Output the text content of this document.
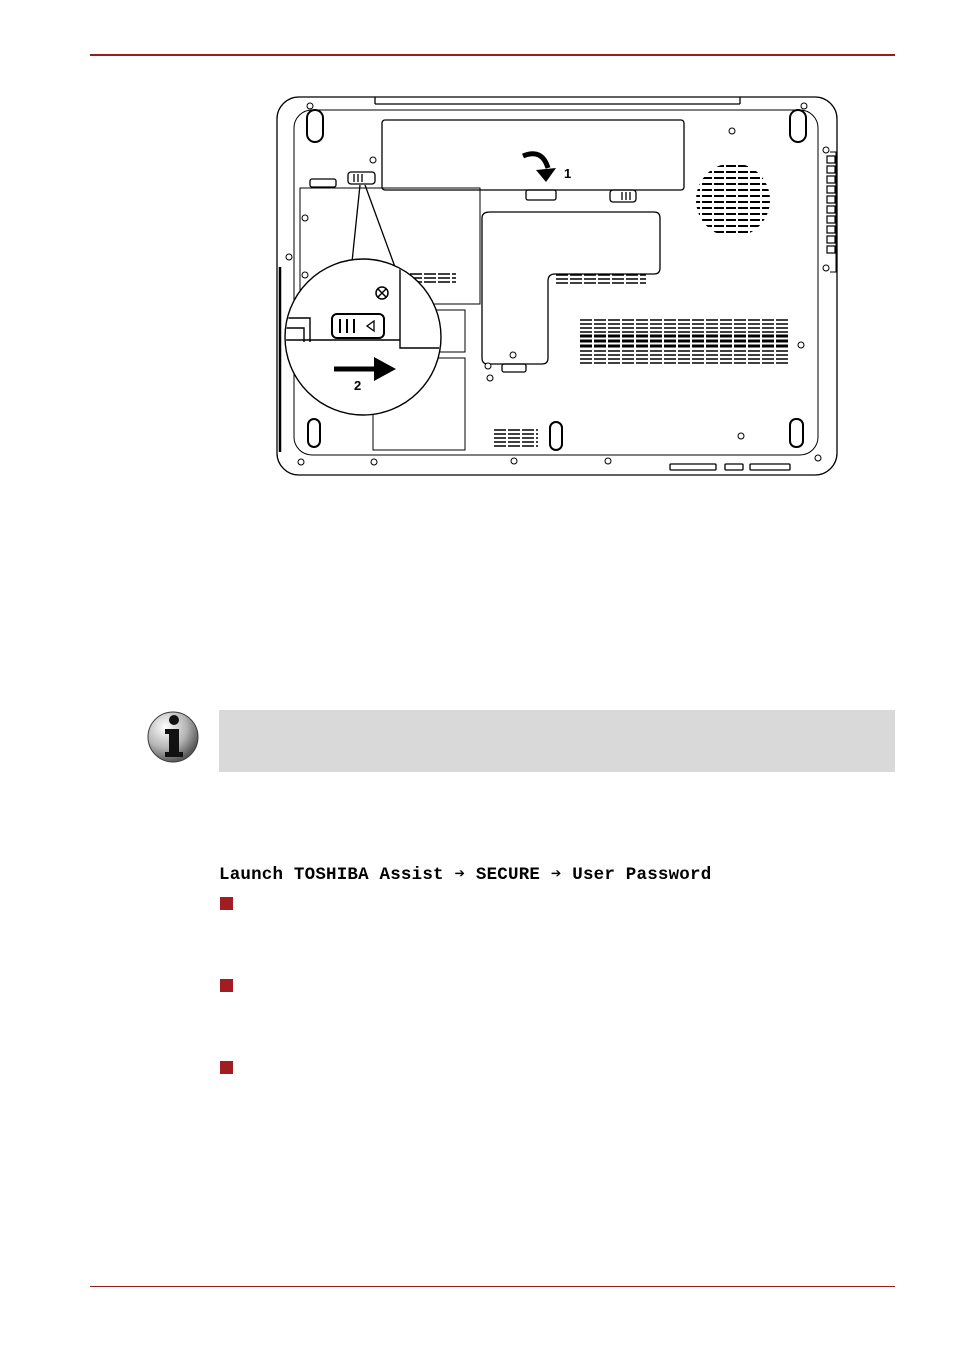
1
2

Launch TOSHIBA Assist ➔ SECURE ➔ User Password
